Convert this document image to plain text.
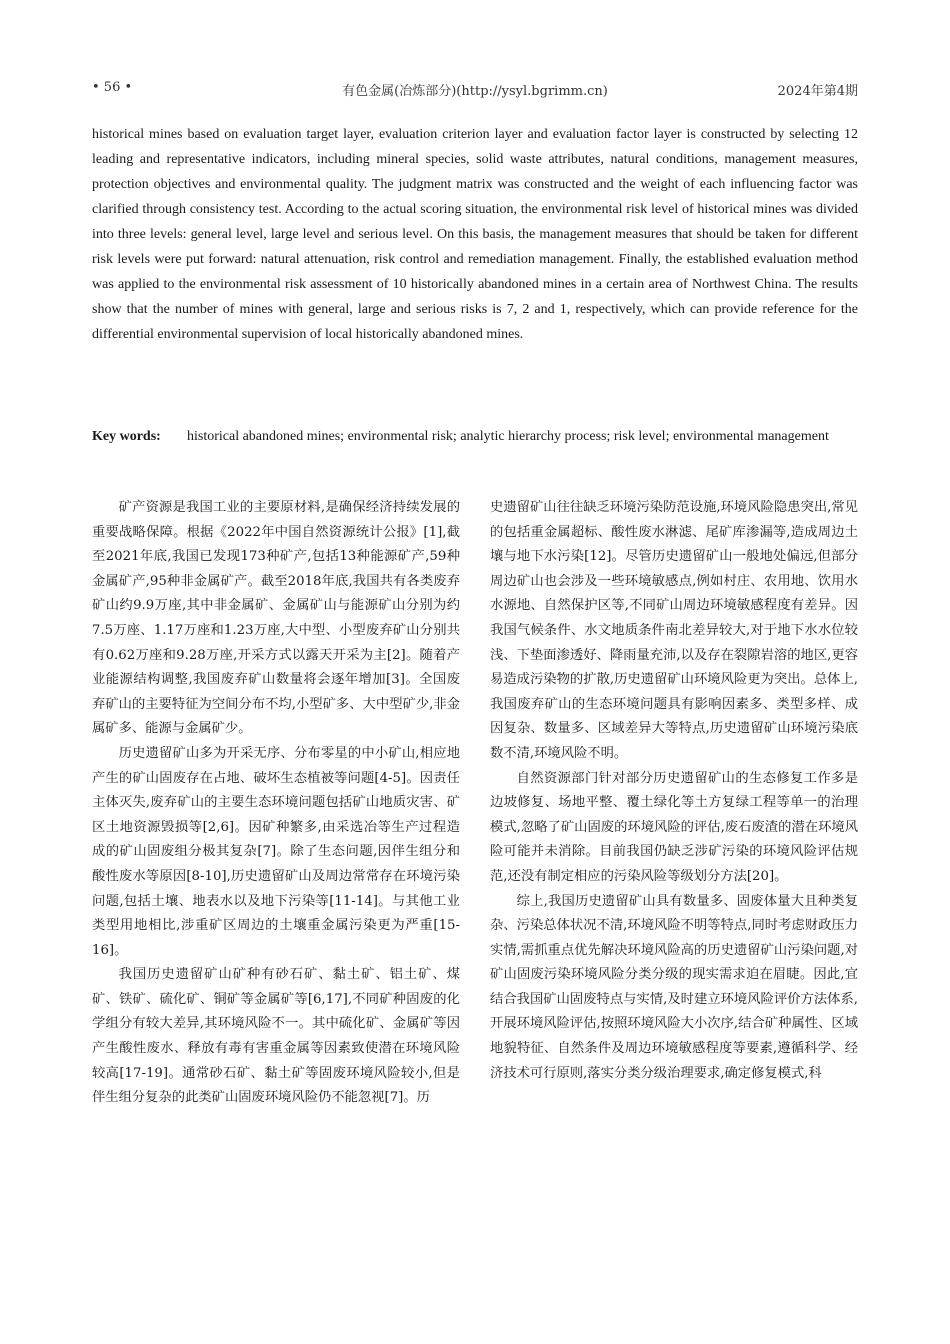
• 56 •	有色金属(冶炼部分)(http://ysyl.bgrimm.cn)	2024年第4期
historical mines based on evaluation target layer, evaluation criterion layer and evaluation factor layer is constructed by selecting 12 leading and representative indicators, including mineral species, solid waste attributes, natural conditions, management measures, protection objectives and environmental quality. The judgment matrix was constructed and the weight of each influencing factor was clarified through consistency test. According to the actual scoring situation, the environmental risk level of historical mines was divided into three levels: general level, large level and serious level. On this basis, the management measures that should be taken for different risk levels were put forward: natural attenuation, risk control and remediation management. Finally, the established evaluation method was applied to the environmental risk assessment of 10 historically abandoned mines in a certain area of Northwest China. The results show that the number of mines with general, large and serious risks is 7, 2 and 1, respectively, which can provide reference for the differential environmental supervision of local historically abandoned mines.
Key words:	historical abandoned mines; environmental risk; analytic hierarchy process; risk level; environmental management

矿产资源是我国工业的主要原材料,是确保经济持续发展的重要战略保障。根据《2022年中国自然资源统计公报》[1],截至2021年底,我国已发现173种矿产,包括13种能源矿产,59种金属矿产,95种非金属矿产。截至2018年底,我国共有各类废弃矿山约9.9万座,其中非金属矿、金属矿山与能源矿山分别为约7.5万座、1.17万座和1.23万座,大中型、小型废弃矿山分别共有0.62万座和9.28万座,开采方式以露天开采为主[2]。随着产业能源结构调整,我国废弃矿山数量将会逐年增加[3]。全国废弃矿山的主要特征为空间分布不均,小型矿多、大中型矿少,非金属矿多、能源与金属矿少。

历史遗留矿山多为开采无序、分布零星的中小矿山,相应地产生的矿山固废存在占地、破坏生态植被等问题[4-5]。因责任主体灭失,废弃矿山的主要生态环境问题包括矿山地质灾害、矿区土地资源毁损等[2,6]。因矿种繁多,由采选冶等生产过程造成的矿山固废组分极其复杂[7]。除了生态问题,因伴生组分和酸性废水等原因[8-10],历史遗留矿山及周边常常存在环境污染问题,包括土壤、地表水以及地下污染等[11-14]。与其他工业类型用地相比,涉重矿区周边的土壤重金属污染更为严重[15-16]。

我国历史遗留矿山矿种有砂石矿、黏土矿、铝土矿、煤矿、铁矿、硫化矿、铜矿等金属矿等[6,17],不同矿种固废的化学组分有较大差异,其环境风险不一。其中硫化矿、金属矿等因产生酸性废水、释放有毒有害重金属等因素致使潜在环境风险较高[17-19]。通常砂石矿、黏土矿等固废环境风险较小,但是伴生组分复杂的此类矿山固废环境风险仍不能忽视[7]。历

史遗留矿山往往缺乏环境污染防范设施,环境风险隐患突出,常见的包括重金属超标、酸性废水淋滤、尾矿库渗漏等,造成周边土壤与地下水污染[12]。尽管历史遗留矿山一般地处偏远,但部分周边矿山也会涉及一些环境敏感点,例如村庄、农用地、饮用水水源地、自然保护区等,不同矿山周边环境敏感程度有差异。因我国气候条件、水文地质条件南北差异较大,对于地下水水位较浅、下垫面渗透好、降雨量充沛,以及存在裂隙岩溶的地区,更容易造成污染物的扩散,历史遗留矿山环境风险更为突出。总体上,我国废弃矿山的生态环境问题具有影响因素多、类型多样、成因复杂、数量多、区域差异大等特点,历史遗留矿山环境污染底数不清,环境风险不明。

自然资源部门针对部分历史遗留矿山的生态修复工作多是边坡修复、场地平整、覆土绿化等土方复绿工程等单一的治理模式,忽略了矿山固废的环境风险的评估,废石废渣的潜在环境风险可能并未消除。目前我国仍缺乏涉矿污染的环境风险评估规范,还没有制定相应的污染风险等级划分方法[20]。

综上,我国历史遗留矿山具有数量多、固废体量大且种类复杂、污染总体状况不清,环境风险不明等特点,同时考虑财政压力实情,需抓重点优先解决环境风险高的历史遗留矿山污染问题,对矿山固废污染环境风险分类分级的现实需求迫在眉睫。因此,宜结合我国矿山固废特点与实情,及时建立环境风险评价方法体系,开展环境风险评估,按照环境风险大小次序,结合矿种属性、区域地貌特征、自然条件及周边环境敏感程度等要素,遵循科学、经济技术可行原则,落实分类分级治理要求,确定修复模式,科
